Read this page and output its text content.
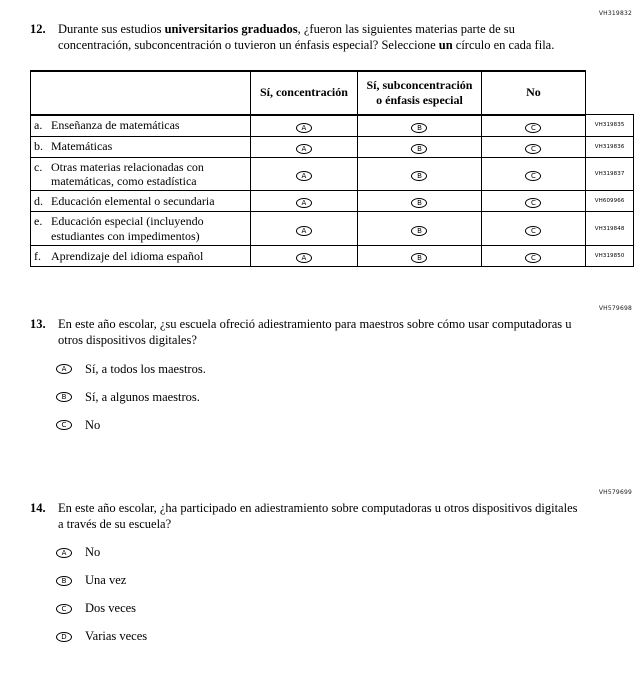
VH319832
12. Durante sus estudios universitarios graduados, ¿fueron las siguientes materias parte de su concentración, subconcentración o tuvieron un énfasis especial? Seleccione un círculo en cada fila.
	Sí, concentración	Sí, subconcentración o énfasis especial	No	

a. Enseñanza de matemáticas	A	B	C	VH319835

b. Matemáticas	A	B	C	VH319836

c. Otras materias relacionadas con matemáticas, como estadística	A	B	C	VH319837

d. Educación elemental o secundaria	A	B	C	VH609966

e. Educación especial (incluyendo estudiantes con impedimentos)	A	B	C	VH319848

f. Aprendizaje del idioma español	A	B	C	VH319850
VH579698
13. En este año escolar, ¿su escuela ofreció adiestramiento para maestros sobre cómo usar computadoras u otros dispositivos digitales?
A	Sí, a todos los maestros.
B	Sí, a algunos maestros.
C	No
VH579699
14. En este año escolar, ¿ha participado en adiestramiento sobre computadoras u otros dispositivos digitales a través de su escuela?
A	No
B	Una vez
C	Dos veces
D	Varias veces
